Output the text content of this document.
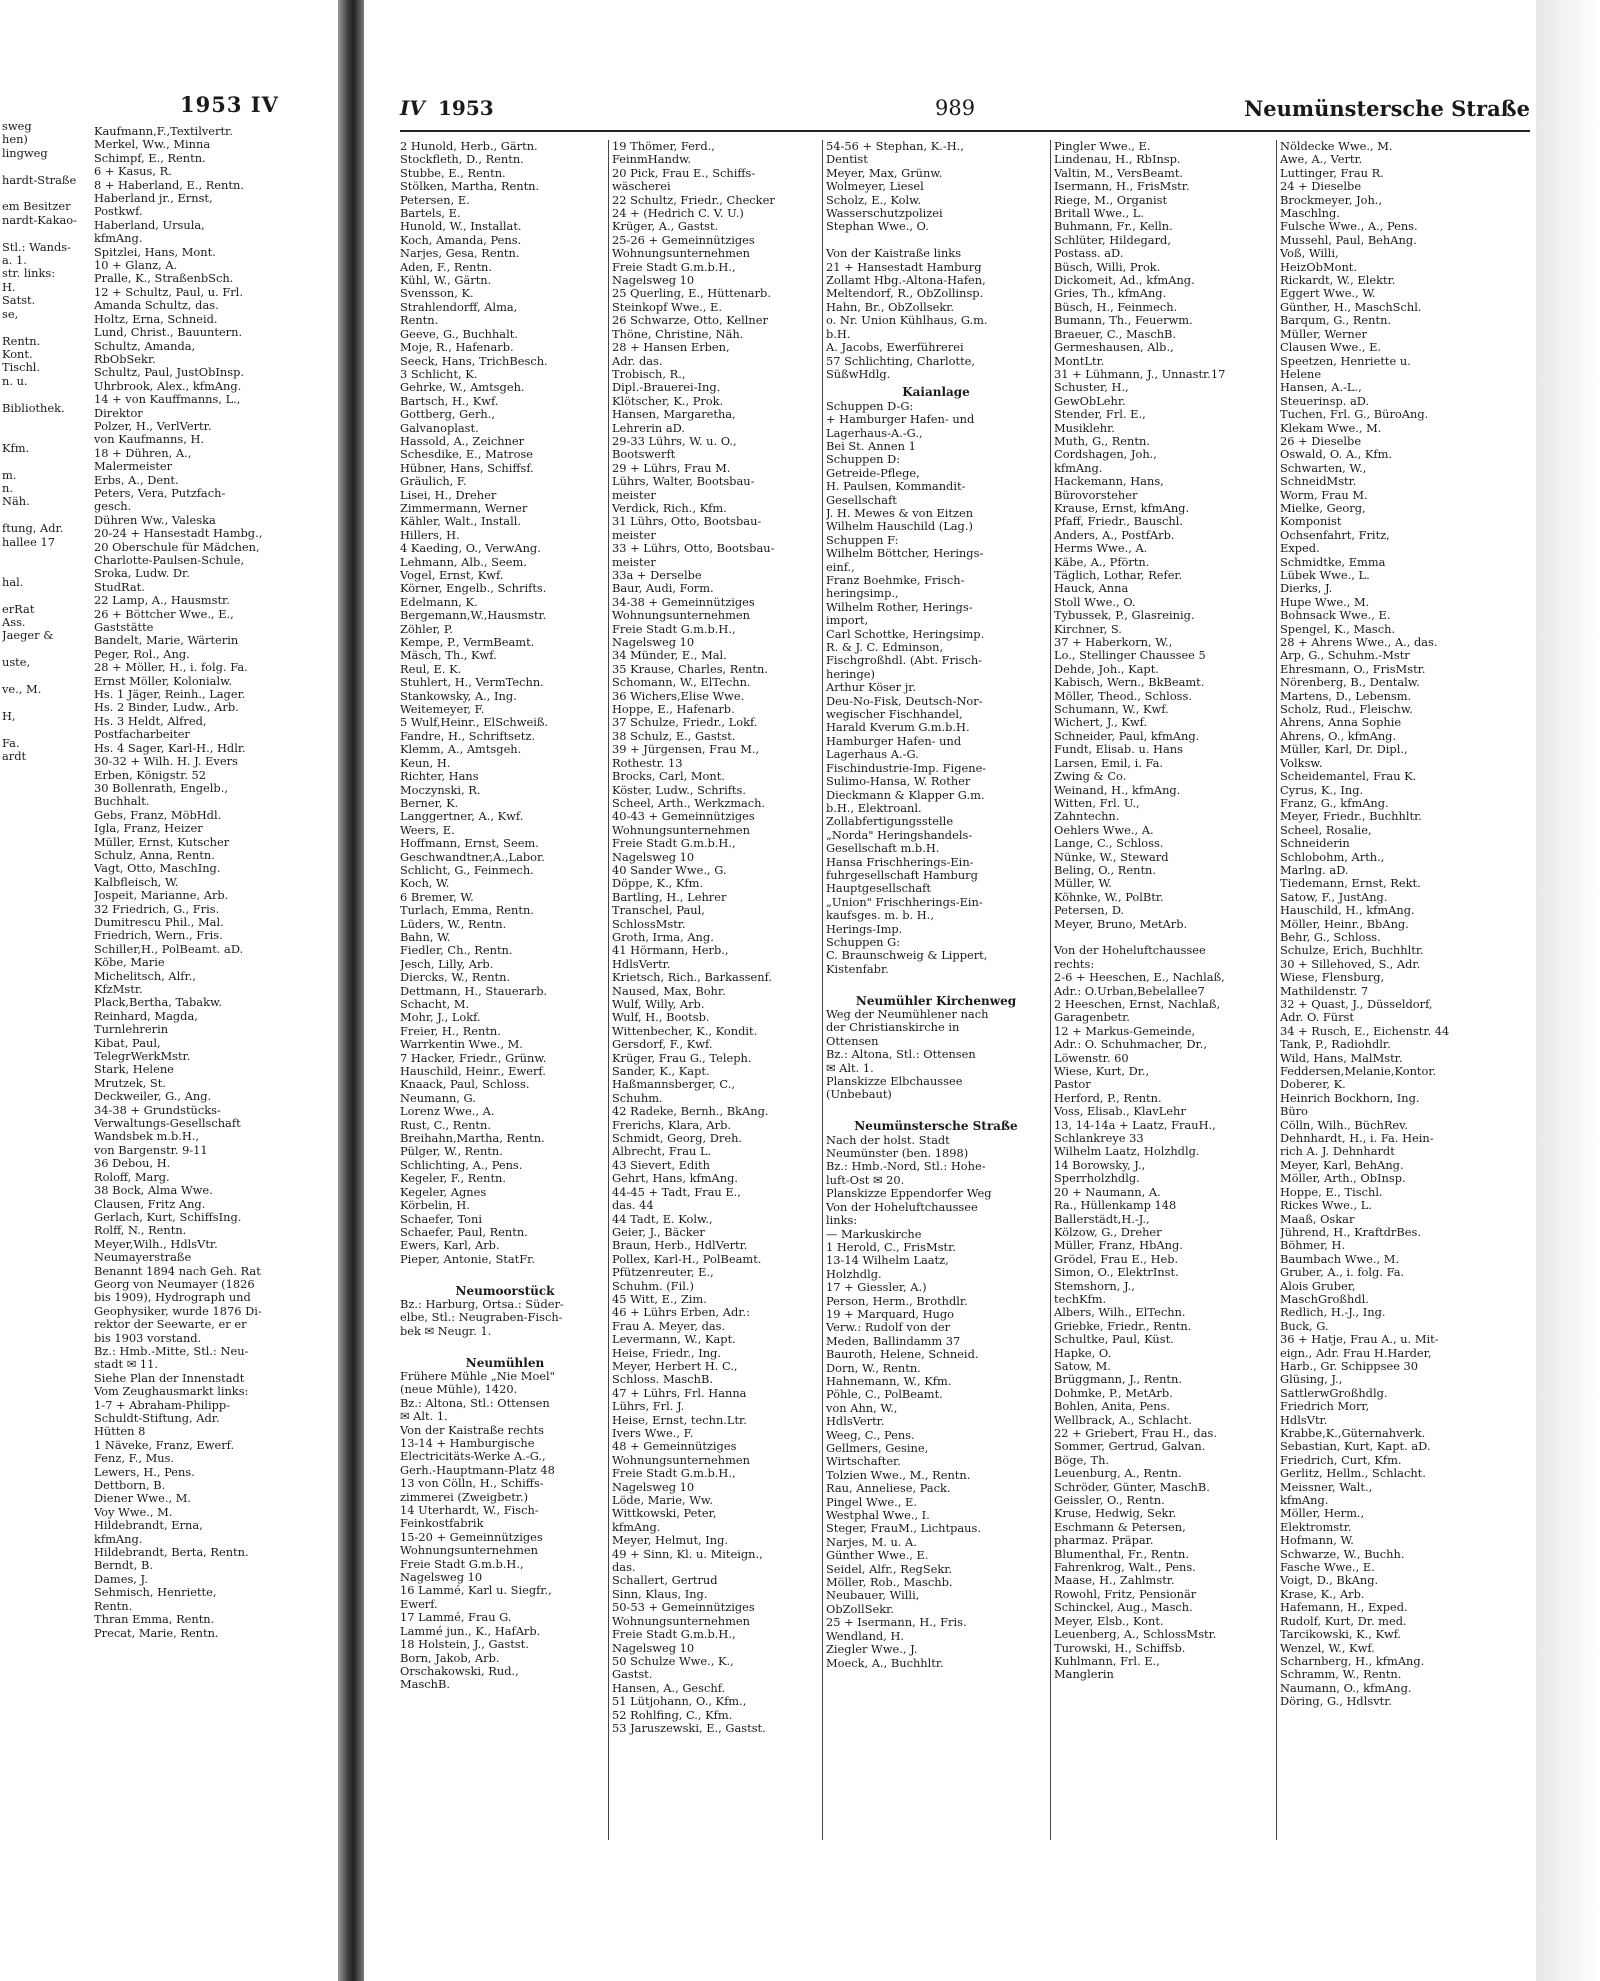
1953 IV
sweg
hen)
lingweg

hardt-Straße

em Besitzer
nardt-Kakao-

Stl.: Wands-
a. 1.
str. links:
H.
Satst.
se,

Rentn.
Kont.
Tischl.
n. u.

Bibliothek.

Kfm.

m.
n.
Näh.

ftung, Adr.
hallee 17

hal.

erRat
Ass.
Jaeger &

uste,

ve., M.

H,

Fa.
ardt
Kaufmann,F.,Textilvertr.
Merkel, Ww., Minna
Schimpf, E., Rentn.
6 + Kasus, R.
8 + Haberland, E., Rentn.
Haberland jr., Ernst,
Postkwf.
Haberland, Ursula,
kfmAng.
Spitzlei, Hans, Mont.
10 + Glanz, A.
Pralle, K., StraßenbSch.
12 + Schultz, Paul, u. Frl.
Amanda Schultz, das.
Holtz, Erna, Schneid.
Lund, Christ., Bauuntern.
Schultz, Amanda,
RbObSekr.
Schultz, Paul, JustObInsp.
Uhrbrook, Alex., kfmAng.
14 + von Kauffmanns, L.,
Direktor
Polzer, H., VerlVertr.
von Kaufmanns, H.
18 + Dühren, A.,
Malermeister
Erbs, A., Dent.
Peters, Vera, Putzfach-
gesch.
Dühren Ww., Valeska
20-24 + Hansestadt Hambg.,
20 Oberschule für Mädchen,
Charlotte-Paulsen-Schule,
Sroka, Ludw. Dr.
StudRat.
22 Lamp, A., Hausmstr.
26 + Böttcher Wwe., E.,
Gaststätte
Bandelt, Marie, Wärterin
Peger, Rol., Ang.
28 + Möller, H., i. folg. Fa.
Ernst Möller, Kolonialw.
Hs. 1 Jäger, Reinh., Lager.
Hs. 2 Binder, Ludw., Arb.
Hs. 3 Heldt, Alfred,
Postfacharbeiter
Hs. 4 Sager, Karl-H., Hdlr.
30-32 + Wilh. H. J. Evers
Erben, Königstr. 52
30 Bollenrath, Engelb.,
Buchhalt.
Gebs, Franz, MöbHdl.
Igla, Franz, Heizer
Müller, Ernst, Kutscher
Schulz, Anna, Rentn.
Vagt, Otto, MaschIng.
Kalbfleisch, W.
Jospeit, Marianne, Arb.
32 Friedrich, G., Fris.
Dumitrescu Phil., Mal.
Friedrich, Wern., Fris.
Schiller,H., PolBeamt. aD.
Köbe, Marie
Michelitsch, Alfr.,
KfzMstr.
Plack,Bertha, Tabakw.
Reinhard, Magda,
Turnlehrerin
Kibat, Paul,
TelegrWerkMstr.
Stark, Helene
Mrutzek, St.
Deckweiler, G., Ang.
34-38 + Grundstücks-
Verwaltungs-Gesellschaft
Wandsbek m.b.H.,
von Bargenstr. 9-11
36 Debou, H.
Roloff, Marg.
38 Bock, Alma Wwe.
Clausen, Fritz Ang.
Gerlach, Kurt, SchiffsIng.
Rolff, N., Rentn.
Meyer,Wilh., HdlsVtr.
Neumayerstraße
Benannt 1894 nach Geh. Rat
Georg von Neumayer (1826
bis 1909), Hydrograph und
Geophysiker, wurde 1876 Di-
rektor der Seewarte, er er
bis 1903 vorstand.
Bz.: Hmb.-Mitte, Stl.: Neu-
stadt ✉ 11.
Siehe Plan der Innenstadt
Vom Zeughausmarkt links:
1-7 + Abraham-Philipp-
Schuldt-Stiftung, Adr.
Hütten 8
1 Näveke, Franz, Ewerf.
Fenz, F., Mus.
Lewers, H., Pens.
Dettborn, B.
Diener Wwe., M.
Voy Wwe., M.
Hildebrandt, Erna,
kfmAng.
Hildebrandt, Berta, Rentn.
Berndt, B.
Dames, J.
Sehmisch, Henriette,
Rentn.
Thran Emma, Rentn.
Precat, Marie, Rentn.
IV 1953	989	Neumünstersche Straße
2 Hunold, Herb., Gärtn.
Stockfleth, D., Rentn.
Stubbe, E., Rentn.
Stölken, Martha, Rentn.
Petersen, E.
Bartels, E.
Hunold, W., Installat.
Koch, Amanda, Pens.
Narjes, Gesa, Rentn.
Aden, F., Rentn.
Kühl, W., Gärtn.
Svensson, K.
Strahlendorff, Alma,
Rentn.
Geeve, G., Buchhalt.
Moje, R., Hafenarb.
Seeck, Hans, TrichBesch.
3 Schlicht, K.
Gehrke, W., Amtsgeh.
Bartsch, H., Kwf.
Gottberg, Gerh.,
Galvanoplast.
Hassold, A., Zeichner
Schesdike, E., Matrose
Hübner, Hans, Schiffsf.
Gräulich, F.
Lisei, H., Dreher
Zimmermann, Werner
Kähler, Walt., Install.
Hillers, H.
4 Kaeding, O., VerwAng.
Lehmann, Alb., Seem.
Vogel, Ernst, Kwf.
Körner, Engelb., Schrifts.
Edelmann, K.
Bergemann,W.,Hausmstr.
Zöhler, P.
Kempe, P., VermBeamt.
Mäsch, Th., Kwf.
Reul, E. K.
Stuhlert, H., VermTechn.
Stankowsky, A., Ing.
Weitemeyer, F.
5 Wulf,Heinr., ElSchweiß.
Fandre, H., Schriftsetz.
Klemm, A., Amtsgeh.
Keun, H.
Richter, Hans
Moczynski, R.
Berner, K.
Langgertner, A., Kwf.
Weers, E.
Hoffmann, Ernst, Seem.
Geschwandtner,A.,Labor.
Schlicht, G., Feinmech.
Koch, W.
6 Bremer, W.
Turlach, Emma, Rentn.
Lüders, W., Rentn.
Bahn, W.
Fiedler, Ch., Rentn.
Jesch, Lilly, Arb.
Diercks, W., Rentn.
Dettmann, H., Stauerarb.
Schacht, M.
Mohr, J., Lokf.
Freier, H., Rentn.
Warrkentin Wwe., M.
7 Hacker, Friedr., Grünw.
Hauschild, Heinr., Ewerf.
Knaack, Paul, Schloss.
Neumann, G.
Lorenz Wwe., A.
Rust, C., Rentn.
Breihahn,Martha, Rentn.
Pülger, W., Rentn.
Schlichting, A., Pens.
Kegeler, F., Rentn.
Kegeler, Agnes
Körbelin, H.
Schaefer, Toni
Schaefer, Paul, Rentn.
Ewers, Karl, Arb.
Pieper, Antonie, StatFr.

Neumoorstück
Bz.: Harburg, Ortsa.: Süder-
elbe, Stl.: Neugraben-Fisch-
bek ✉ Neugr. 1.

Neumühlen
Frühere Mühle „Nie Moel"
(neue Mühle), 1420.
Bz.: Altona, Stl.: Ottensen
✉ Alt. 1.
Von der Kaistraße rechts
13-14 + Hamburgische
Electricitäts-Werke A.-G.,
Gerh.-Hauptmann-Platz 48
13 von Cölln, H., Schiffs-
zimmerei (Zweigbetr.)
14 Uterhardt, W., Fisch-
Feinkostfabrik
15-20 + Gemeinnütziges
Wohnungsunternehmen
Freie Stadt G.m.b.H.,
Nagelsweg 10
16 Lammé, Karl u. Siegfr.,
Ewerf.
17 Lammé, Frau G.
Lammé jun., K., HafArb.
18 Holstein, J., Gastst.
Born, Jakob, Arb.
Orschakowski, Rud.,
MaschB.
19 Thömer, Ferd.,
FeinmHandw.
20 Pick, Frau E., Schiffs-
wäscherei
22 Schultz, Friedr., Checker
24 + (Hedrich C. V. U.)
Krüger, A., Gastst.
25-26 + Gemeinnütziges
Wohnungsunternehmen
Freie Stadt G.m.b.H.,
Nagelsweg 10
25 Querling, E., Hüttenarb.
Steinkopf Wwe., E.
26 Schwarze, Otto, Kellner
Thöne, Christine, Näh.
28 + Hansen Erben,
Adr. das.
Trobisch, R.,
Dipl.-Brauerei-Ing.
Klötscher, K., Prok.
Hansen, Margaretha,
Lehrerin aD.
29-33 Lührs, W. u. O.,
Bootswerft
29 + Lührs, Frau M.
Lührs, Walter, Bootsbau-
meister
Verdick, Rich., Kfm.
31 Lührs, Otto, Bootsbau-
meister
33 + Lührs, Otto, Bootsbau-
meister
33a + Derselbe
Baur, Audi, Form.
34-38 + Gemeinnütziges
Wohnungsunternehmen
Freie Stadt G.m.b.H.,
Nagelsweg 10
34 Münder, E., Mal.
35 Krause, Charles, Rentn.
Schomann, W., ElTechn.
36 Wichers,Elise Wwe.
Hoppe, E., Hafenarb.
37 Schulze, Friedr., Lokf.
38 Schulz, E., Gastst.
39 + Jürgensen, Frau M.,
Rothestr. 13
Brocks, Carl, Mont.
Köster, Ludw., Schrifts.
Scheel, Arth., Werkzmach.
40-43 + Gemeinnütziges
Wohnungsunternehmen
Freie Stadt G.m.b.H.,
Nagelsweg 10
40 Sander Wwe., G.
Döppe, K., Kfm.
Bartling, H., Lehrer
Transchel, Paul,
SchlossMstr.
Groth, Irma, Ang.
41 Hörmann, Herb.,
HdlsVertr.
Krietsch, Rich., Barkassenf.
Naused, Max, Bohr.
Wulf, Willy, Arb.
Wulf, H., Bootsb.
Wittenbecher, K., Kondit.
Gersdorf, F., Kwf.
Krüger, Frau G., Teleph.
Sander, K., Kapt.
Haßmannsberger, C.,
Schuhm.
42 Radeke, Bernh., BkAng.
Frerichs, Klara, Arb.
Schmidt, Georg, Dreh.
Albrecht, Frau L.
43 Sievert, Edith
Gehrt, Hans, kfmAng.
44-45 + Tadt, Frau E.,
das. 44
44 Tadt, E. Kolw.,
Geier, J., Bäcker
Braun, Herb., HdlVertr.
Pollex, Karl-H., PolBeamt.
Pfützenreuter, E.,
Schuhm. (Fil.)
45 Witt, E., Zim.
46 + Lührs Erben, Adr.:
Frau A. Meyer, das.
Levermann, W., Kapt.
Heise, Friedr., Ing.
Meyer, Herbert H. C.,
Schloss. MaschB.
47 + Lührs, Frl. Hanna
Lührs, Frl. J.
Heise, Ernst, techn.Ltr.
Ivers Wwe., F.
48 + Gemeinnütziges
Wohnungsunternehmen
Freie Stadt G.m.b.H.,
Nagelsweg 10
Löde, Marie, Ww.
Wittkowski, Peter,
kfmAng.
Meyer, Helmut, Ing.
49 + Sinn, Kl. u. Miteign.,
das.
Schallert, Gertrud
Sinn, Klaus, Ing.
50-53 + Gemeinnütziges
Wohnungsunternehmen
Freie Stadt G.m.b.H.,
Nagelsweg 10
50 Schulze Wwe., K.,
Gastst.
Hansen, A., Geschf.
51 Lütjohann, O., Kfm.,
52 Rohlfing, C., Kfm.
53 Jaruszewski, E., Gastst.
54-56 + Stephan, K.-H.,
Dentist
Meyer, Max, Grünw.
Wolmeyer, Liesel
Scholz, E., Kolw.
Wasserschutzpolizei
Stephan Wwe., O.

Von der Kaistraße links
21 + Hansestadt Hamburg
Zollamt Hbg.-Altona-Hafen,
Meltendorf, R., ObZollinsp.
Hahn, Br., ObZollsekr.
o. Nr. Union Kühlhaus, G.m.
b.H.
A. Jacobs, Ewerführerei
57 Schlichting, Charlotte,
SüßwHdlg.
Kaianlage
Schuppen D-G:
+ Hamburger Hafen- und
Lagerhaus-A.-G.,
Bei St. Annen 1
Schuppen D:
Getreide-Pflege,
H. Paulsen, Kommandit-
Gesellschaft
J. H. Mewes & von Eitzen
Wilhelm Hauschild (Lag.)
Schuppen F:
Wilhelm Böttcher, Herings-
einf.,
Franz Boehmke, Frisch-
heringsimp.,
Wilhelm Rother, Herings-
import,
Carl Schottke, Heringsimp.
R. & J. C. Edminson,
Fischgroßhdl. (Abt. Frisch-
heringe)
Arthur Köser jr.
Deu-No-Fisk, Deutsch-Nor-
wegischer Fischhandel,
Harald Kverum G.m.b.H.
Hamburger Hafen- und
Lagerhaus A.-G.
Fischindustrie-Imp. Figene-
Sulimo-Hansa, W. Rother
Dieckmann & Klapper G.m.
b.H., Elektroanl.
Zollabfertigungsstelle
„Norda" Heringshandels-
Gesellschaft m.b.H.
Hansa Frischherings-Ein-
fuhrgesellschaft Hamburg
Hauptgesellschaft
„Union" Frischherings-Ein-
kaufsges. m. b. H.,
Herings-Imp.
Schuppen G:
C. Braunschweig & Lippert,
Kistenfabr.

Neumühler Kirchenweg
Weg der Neumühlener nach
der Christianskirche in
Ottensen
Bz.: Altona, Stl.: Ottensen
✉ Alt. 1.
Planskizze Elbchaussee
(Unbebaut)

Neumünstersche Straße
Nach der holst. Stadt
Neumünster (ben. 1898)
Bz.: Hmb.-Nord, Stl.: Hohe-
luft-Ost ✉ 20.
Planskizze Eppendorfer Weg
Von der Hoheluftchaussee
links:
— Markuskirche
1 Herold, C., FrisMstr.
13-14 Wilhelm Laatz,
Holzhdlg.
17 + Giessler, A.)
Person, Herm., Brothdlr.
19 + Marquard, Hugo
Verw.: Rudolf von der
Meden, Ballindamm 37
Bauroth, Helene, Schneid.
Dorn, W., Rentn.
Hahnemann, W., Kfm.
Pöhle, C., PolBeamt.
von Ahn, W.,
HdlsVertr.
Weeg, C., Pens.
Gellmers, Gesine,
Wirtschafter.
Tolzien Wwe., M., Rentn.
Rau, Anneliese, Pack.
Pingel Wwe., E.
Westphal Wwe., I.
Steger, FrauM., Lichtpaus.
Narjes, M. u. A.
Günther Wwe., E.
Seidel, Alfr., RegSekr.
Möller, Rob., Maschb.
Neubauer, Willi,
ObZollSekr.
25 + Isermann, H., Fris.
Wendland, H.
Ziegler Wwe., J.
Moeck, A., Buchhltr.
Pingler Wwe., E.
Lindenau, H., RbInsp.
Valtin, M., VersBeamt.
Isermann, H., FrisMstr.
Riege, M., Organist
Britall Wwe., L.
Buhmann, Fr., Kelln.
Schlüter, Hildegard,
Postass. aD.
Büsch, Willi, Prok.
Dickomeit, Ad., kfmAng.
Gries, Th., kfmAng.
Büsch, H., Feinmech.
Bumann, Th., Feuerwm.
Braeuer, C., MaschB.
Germeshausen, Alb.,
MontLtr.
31 + Lühmann, J., Unnastr.17
Schuster, H.,
GewObLehr.
Stender, Frl. E.,
Musiklehr.
Muth, G., Rentn.
Cordshagen, Joh.,
kfmAng.
Hackemann, Hans,
Bürovorsteher
Krause, Ernst, kfmAng.
Pfaff, Friedr., Bauschl.
Anders, A., PostfArb.
Herms Wwe., A.
Käbe, A., Pförtn.
Täglich, Lothar, Refer.
Hauck, Anna
Stoll Wwe., O.
Tybussek, P., Glasreinig.
Kirchner, S.
37 + Haberkorn, W.,
Lo., Stellinger Chaussee 5
Dehde, Joh., Kapt.
Kabisch, Wern., BkBeamt.
Möller, Theod., Schloss.
Schumann, W., Kwf.
Wichert, J., Kwf.
Schneider, Paul, kfmAng.
Fundt, Elisab. u. Hans
Larsen, Emil, i. Fa.
Zwing & Co.
Weinand, H., kfmAng.
Witten, Frl. U.,
Zahntechn.
Oehlers Wwe., A.
Lange, C., Schloss.
Nünke, W., Steward
Beling, O., Rentn.
Müller, W.
Köhnke, W., PolBtr.
Petersen, D.
Meyer, Bruno, MetArb.

Von der Hoheluftchaussee
rechts:
2-6 + Heeschen, E., Nachlaß,
Adr.: O.Urban,Bebelallee7
2 Heeschen, Ernst, Nachlaß,
Garagenbetr.
12 + Markus-Gemeinde,
Adr.: O. Schuhmacher, Dr.,
Löwenstr. 60
Wiese, Kurt, Dr.,
Pastor
Herford, P., Rentn.
Voss, Elisab., KlavLehr
13, 14-14a + Laatz, FrauH.,
Schlankreye 33
Wilhelm Laatz, Holzhdlg.
14 Borowsky, J.,
Sperrholzhdlg.
20 + Naumann, A.
Ra., Hüllenkamp 148
Ballerstädt,H.-J.,
Kölzow, G., Dreher
Müller, Franz, HbAng.
Grödel, Frau E., Heb.
Simon, O., ElektrInst.
Stemshorn, J.,
techKfm.
Albers, Wilh., ElTechn.
Griebke, Friedr., Rentn.
Schultke, Paul, Küst.
Hapke, O.
Satow, M.
Brüggmann, J., Rentn.
Dohmke, P., MetArb.
Bohlen, Anita, Pens.
Wellbrack, A., Schlacht.
22 + Griebert, Frau H., das.
Sommer, Gertrud, Galvan.
Böge, Th.
Leuenburg, A., Rentn.
Schröder, Günter, MaschB.
Geissler, O., Rentn.
Kruse, Hedwig, Sekr.
Eschmann & Petersen,
pharmaz. Präpar.
Blumenthal, Fr., Rentn.
Fahrenkrog, Walt., Pens.
Maase, H., Zahlmstr.
Rowohl, Fritz, Pensionär
Schinckel, Aug., Masch.
Meyer, Elsb., Kont.
Leuenberg, A., SchlossMstr.
Turowski, H., Schiffsb.
Kuhlmann, Frl. E.,
Manglerin
Nöldecke Wwe., M.
Awe, A., Vertr.
Luttinger, Frau R.
24 + Dieselbe
Brockmeyer, Joh.,
Maschlng.
Fulsche Wwe., A., Pens.
Mussehl, Paul, BehAng.
Voß, Willi,
HeizObMont.
Rickardt, W., Elektr.
Eggert Wwe., W.
Günther, H., MaschSchl.
Barqum, G., Rentn.
Müller, Werner
Clausen Wwe., E.
Speetzen, Henriette u.
Helene
Hansen, A.-L.,
Steuerinsp. aD.
Tuchen, Frl. G., BüroAng.
Klekam Wwe., M.
26 + Dieselbe
Oswald, O. A., Kfm.
Schwarten, W.,
SchneidMstr.
Worm, Frau M.
Mielke, Georg,
Komponist
Ochsenfahrt, Fritz,
Exped.
Schmidtke, Emma
Lübek Wwe., L.
Dierks, J.
Hupe Wwe., M.
Bohnsack Wwe., E.
Spengel, K., Masch.
28 + Ahrens Wwe., A., das.
Arp, G., Schuhm.-Mstr
Ehresmann, O., FrisMstr.
Nörenberg, B., Dentalw.
Martens, D., Lebensm.
Scholz, Rud., Fleischw.
Ahrens, Anna Sophie
Ahrens, O., kfmAng.
Müller, Karl, Dr. Dipl.,
Volksw.
Scheidemantel, Frau K.
Cyrus, K., Ing.
Franz, G., kfmAng.
Meyer, Friedr., Buchhltr.
Scheel, Rosalie,
Schneiderin
Schlobohm, Arth.,
Marlng. aD.
Tiedemann, Ernst, Rekt.
Satow, F., JustAng.
Hauschild, H., kfmAng.
Möller, Heinr., BbAng.
Behr, G., Schloss.
Schulze, Erich, Buchhltr.
30 + Sillehoved, S., Adr.
Wiese, Flensburg,
Mathildenstr. 7
32 + Quast, J., Düsseldorf,
Adr. O. Fürst
34 + Rusch, E., Eichenstr. 44
Tank, P., Radiohdlr.
Wild, Hans, MalMstr.
Feddersen,Melanie,Kontor.
Doberer, K.
Heinrich Bockhorn, Ing.
Büro
Cölln, Wilh., BüchRev.
Dehnhardt, H., i. Fa. Hein-
rich A. J. Dehnhardt
Meyer, Karl, BehAng.
Möller, Arth., ObInsp.
Hoppe, E., Tischl.
Rickes Wwe., L.
Maaß, Oskar
Jührend, H., KraftdrBes.
Böhmer, H.
Baumbach Wwe., M.
Gruber, A., i. folg. Fa.
Alois Gruber,
MaschGroßhdl.
Redlich, H.-J., Ing.
Buck, G.
36 + Hatje, Frau A., u. Mit-
eign., Adr. Frau H.Harder,
Harb., Gr. Schippsee 30
Glüsing, J.,
SattlerwGroßhdlg.
Friedrich Morr,
HdlsVtr.
Krabbe,K.,Güternahverk.
Sebastian, Kurt, Kapt. aD.
Friedrich, Curt, Kfm.
Gerlitz, Hellm., Schlacht.
Meissner, Walt.,
kfmAng.
Möller, Herm.,
Elektromstr.
Hofmann, W.
Schwarze, W., Buchh.
Fasche Wwe., E.
Voigt, D., BkAng.
Krase, K., Arb.
Hafemann, H., Exped.
Rudolf, Kurt, Dr. med.
Tarcikowski, K., Kwf.
Wenzel, W., Kwf.
Scharnberg, H., kfmAng.
Schramm, W., Rentn.
Naumann, O., kfmAng.
Döring, G., Hdlsvtr.
